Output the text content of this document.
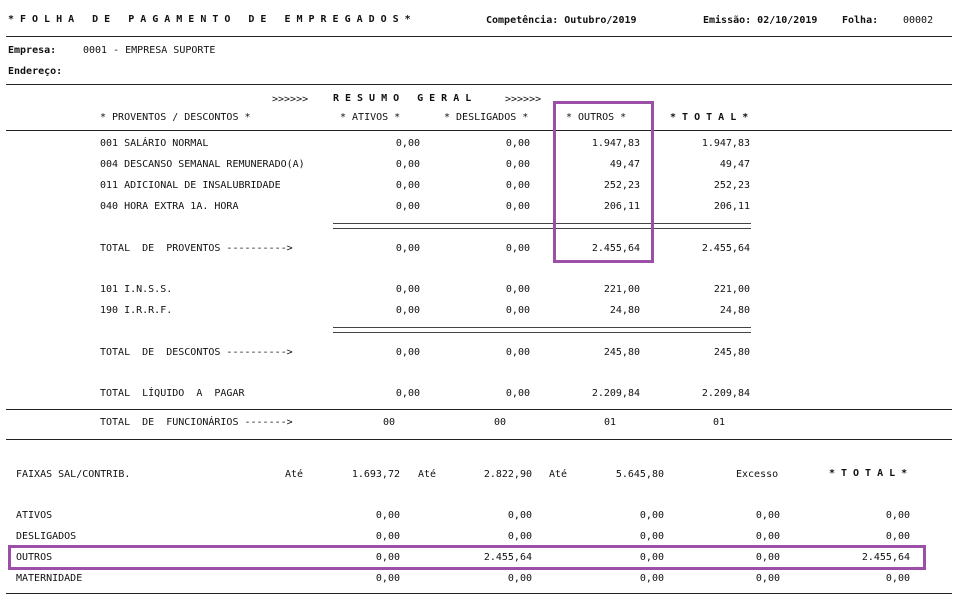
*FOLHA DE PAGAMENTO DE EMPREGADOS*	Competência: Outubro/2019	Emissão: 02/10/2019 Folha: 00002
Empresa:	0001 - EMPRESA SUPORTE
Endereço:
>>>>>> RESUMO GERAL	>>>>>>
* PROVENTOS / DESCONTOS *	* ATIVOS *	* DESLIGADOS *	* OUTROS *	* T O T A L *
001 SALÁRIO NORMAL	0,00	0,00	1.947,83	1.947,83
004 DESCANSO SEMANAL REMUNERADO(A)	0,00	0,00	49,47	49,47
011 ADICIONAL DE INSALUBRIDADE	0,00	0,00	252,23	252,23
040 HORA EXTRA 1A. HORA	0,00	0,00	206,11	206,11
TOTAL  DE  PROVENTOS ---------->	0,00	0,00	2.455,64	2.455,64
101 I.N.S.S.	0,00	0,00	221,00	221,00
190 I.R.R.F.	0,00	0,00	24,80	24,80
TOTAL  DE  DESCONTOS ---------->	0,00	0,00	245,80	245,80
TOTAL  LÍQUIDO  A  PAGAR	0,00	0,00	2.209,84	2.209,84
TOTAL  DE  FUNCIONÁRIOS ------->	00	00	01	01
FAIXAS SAL/CONTRIB.	Até	1.693,72 Até	2.822,90 Até	5.645,80	Excesso	*TOTAL*
ATIVOS	0,00	0,00	0,00	0,00	0,00
DESLIGADOS	0,00	0,00	0,00	0,00	0,00
OUTROS	0,00	2.455,64	0,00	0,00	2.455,64
MATERNIDADE	0,00	0,00	0,00	0,00	0,00
